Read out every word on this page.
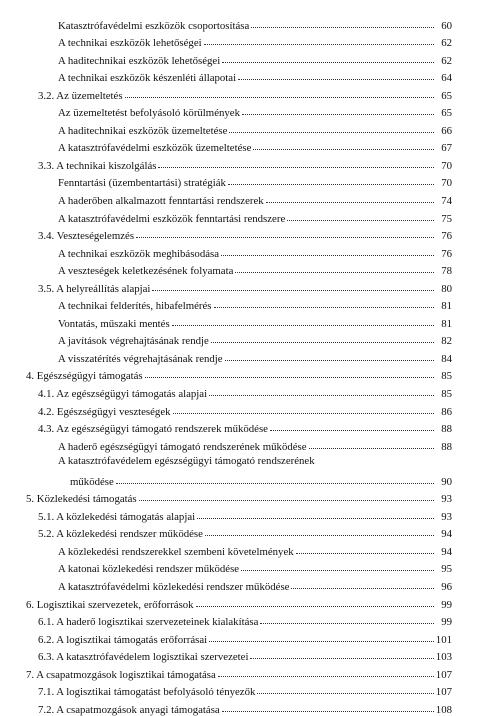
Katasztrófavédelmi eszközök csoportosítása	60
A technikai eszközök lehetőségei	62
A haditechnikai eszközök lehetőségei	62
A technikai eszközök készenléti állapotai	64
3.2. Az üzemeltetés	65
Az üzemeltetést befolyásoló körülmények	65
A haditechnikai eszközök üzemeltetése	66
A katasztrófavédelmi eszközök üzemeltetése	67
3.3. A technikai kiszolgálás	70
Fenntartási (üzembentartási) stratégiák	70
A haderőben alkalmazott fenntartási rendszerek	74
A katasztrófavédelmi eszközök fenntartási rendszere	75
3.4. Veszteségelemzés	76
A technikai eszközök meghibásodása	76
A veszteségek keletkezésének folyamata	78
3.5. A helyreállítás alapjai	80
A technikai felderítés, hibafelmérés	81
Vontatás, műszaki mentés	81
A javítások végrehajtásának rendje	82
A visszatérítés végrehajtásának rendje	84
4. Egészségügyi támogatás	85
4.1. Az egészségügyi támogatás alapjai	85
4.2. Egészségügyi veszteségek	86
4.3. Az egészségügyi támogató rendszerek működése	88
A haderő egészségügyi támogató rendszerének működése	88
A katasztrófavédelem egészségügyi támogató rendszerének
működése	90
5. Közlekedési támogatás	93
5.1. A közlekedési támogatás alapjai	93
5.2. A közlekedési rendszer működése	94
A közlekedési rendszerekkel szembeni követelmények	94
A katonai közlekedési rendszer működése	95
A katasztrófavédelmi közlekedési rendszer működése	96
6. Logisztikai szervezetek, erőforrások	99
6.1. A haderő logisztikai szervezeteinek kialakítása	99
6.2. A logisztikai támogatás erőforrásai	101
6.3. A katasztrófavédelem logisztikai szervezetei	103
7. A csapatmozgások logisztikai támogatása	107
7.1. A logisztikai támogatást befolyásoló tényezők	107
7.2. A csapatmozgások anyagi támogatása	108
